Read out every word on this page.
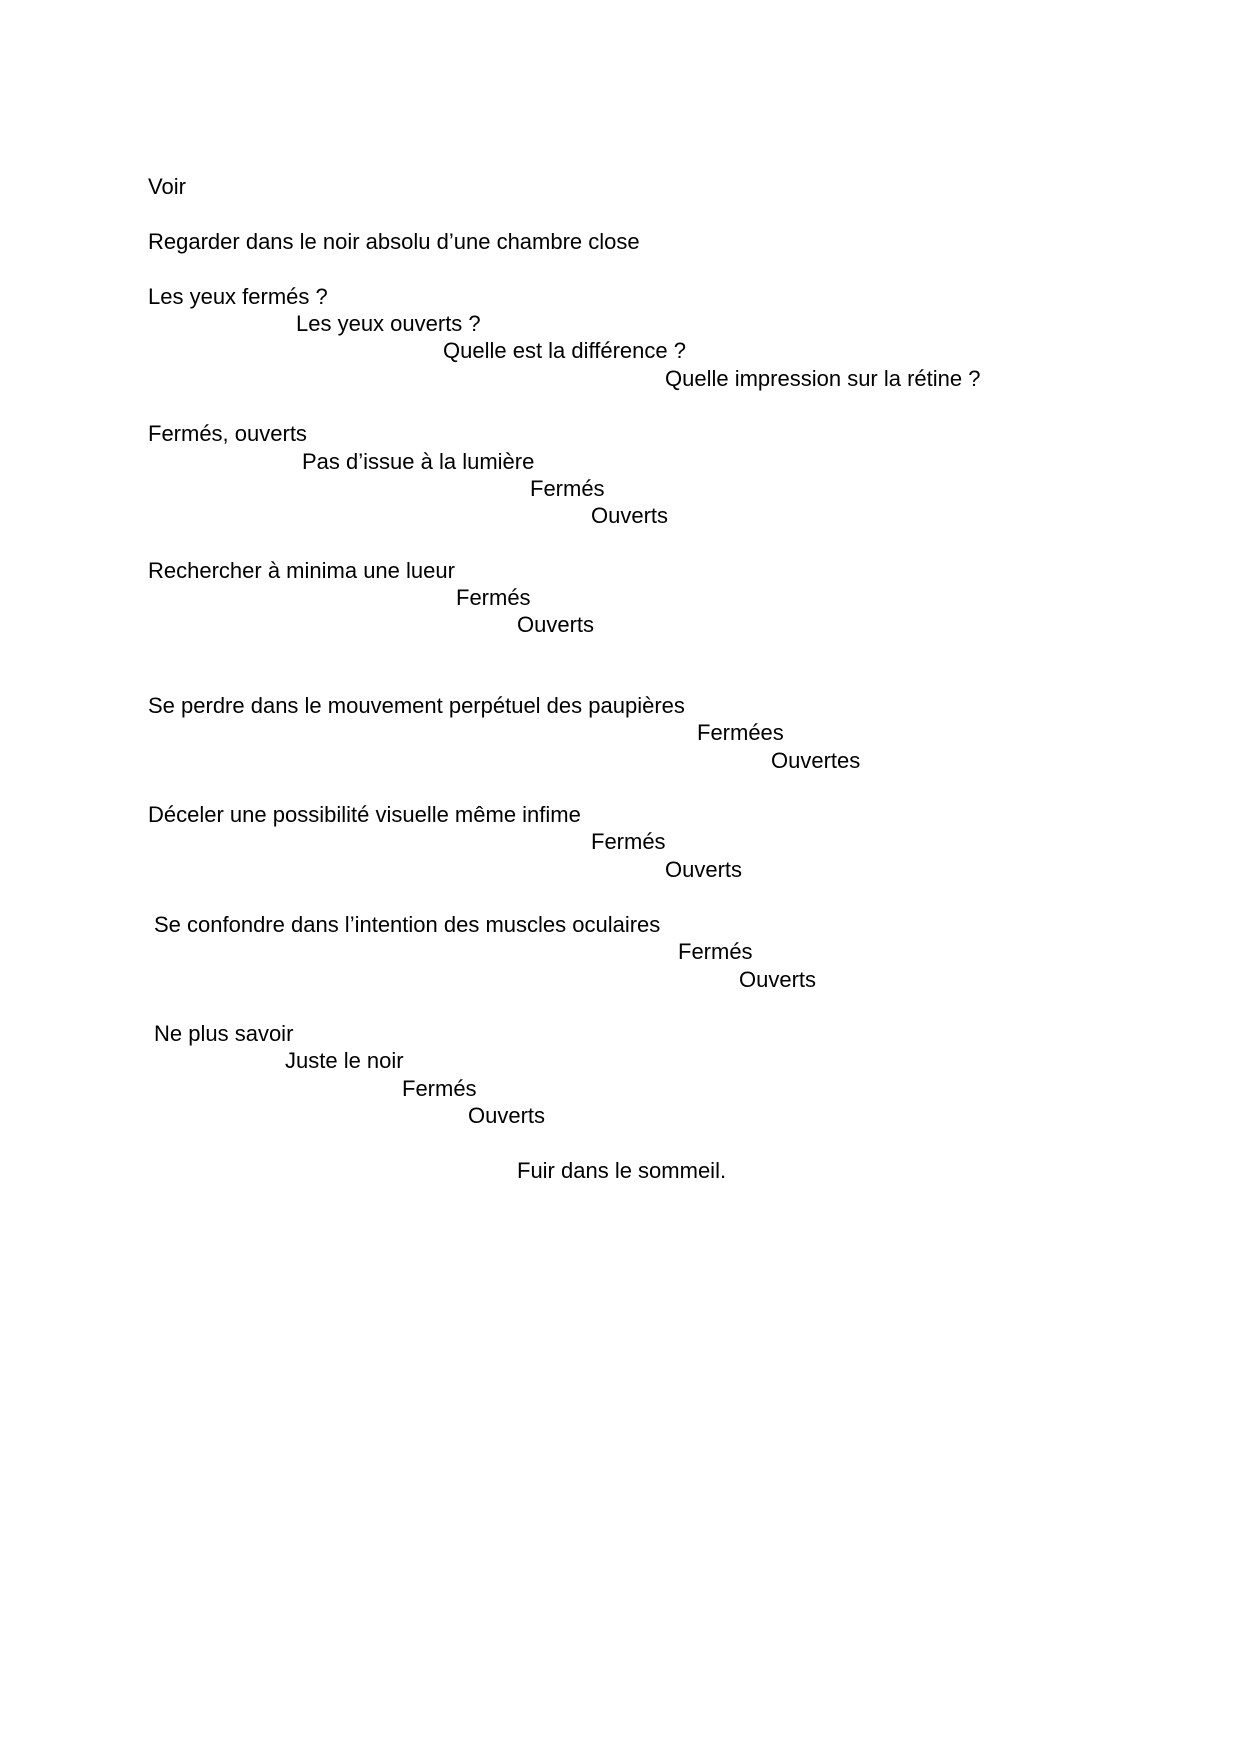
Voir
Regarder dans le noir absolu d’une chambre close
Les yeux fermés ?
Les yeux ouverts ?
Quelle est la différence ?
Quelle impression sur la rétine ?
Fermés, ouverts
Pas d’issue à la lumière
Fermés
Ouverts
Rechercher à minima une lueur
Fermés
Ouverts
Se perdre dans le mouvement perpétuel des paupières
Fermées
Ouvertes
Déceler une possibilité visuelle même infime
Fermés
Ouverts
Se confondre dans l’intention des muscles oculaires
Fermés
Ouverts
Ne plus savoir
Juste le noir
Fermés
Ouverts
Fuir dans le sommeil.
